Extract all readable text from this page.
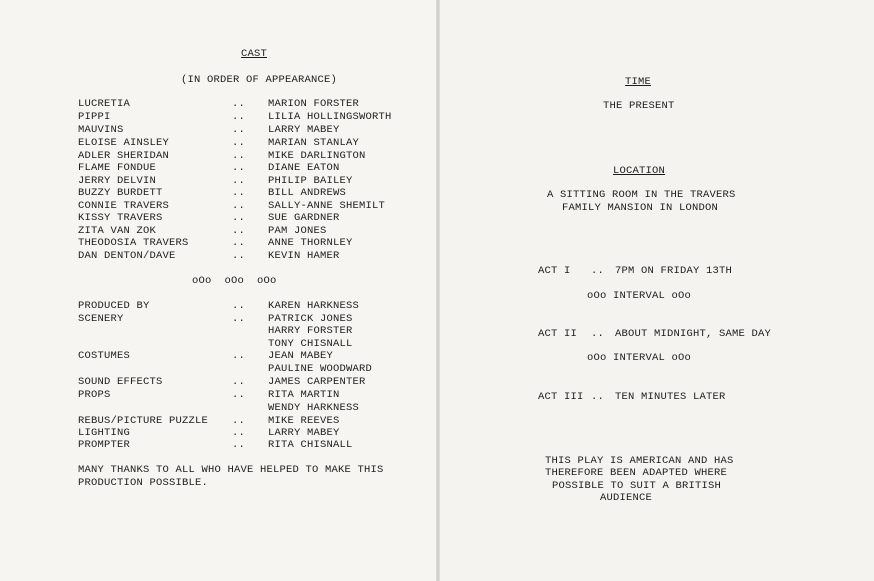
CAST
(IN ORDER OF APPEARANCE)
LUCRETIA	.. MARION FORSTER
PIPPI	.. LILIA HOLLINGSWORTH
MAUVINS	.. LARRY MABEY
ELOISE AINSLEY	.. MARIAN STANLAY
ADLER SHERIDAN	.. MIKE DARLINGTON
FLAME FONDUE	.. DIANE EATON
JERRY DELVIN	.. PHILIP BAILEY
BUZZY BURDETT	.. BILL ANDREWS
CONNIE TRAVERS	.. SALLY-ANNE SHEMILT
KISSY TRAVERS	.. SUE GARDNER
ZITA VAN ZOK	.. PAM JONES
THEODOSIA TRAVERS	.. ANNE THORNLEY
DAN DENTON/DAVE	.. KEVIN HAMER
oOo  oOo  oOo
PRODUCED BY	.. KAREN HARKNESS
SCENERY	.. PATRICK JONES
HARRY FORSTER
TONY CHISNALL
COSTUMES	.. JEAN MABEY
PAULINE WOODWARD
SOUND EFFECTS	.. JAMES CARPENTER
PROPS	.. RITA MARTIN
WENDY HARKNESS
REBUS/PICTURE PUZZLE .. MIKE REEVES
LIGHTING	.. LARRY MABEY
PROMPTER	.. RITA CHISNALL
MANY THANKS TO ALL WHO HAVE HELPED TO MAKE THIS
PRODUCTION POSSIBLE.
TIME
THE PRESENT
LOCATION
A SITTING ROOM IN THE TRAVERS
FAMILY MANSION IN LONDON
ACT I .. 7PM ON FRIDAY 13TH
oOo INTERVAL oOo
ACT II .. ABOUT MIDNIGHT, SAME DAY
oOo INTERVAL oOo
ACT III .. TEN MINUTES LATER
THIS PLAY IS AMERICAN AND HAS
THEREFORE BEEN ADAPTED WHERE
POSSIBLE TO SUIT A BRITISH
AUDIENCE
